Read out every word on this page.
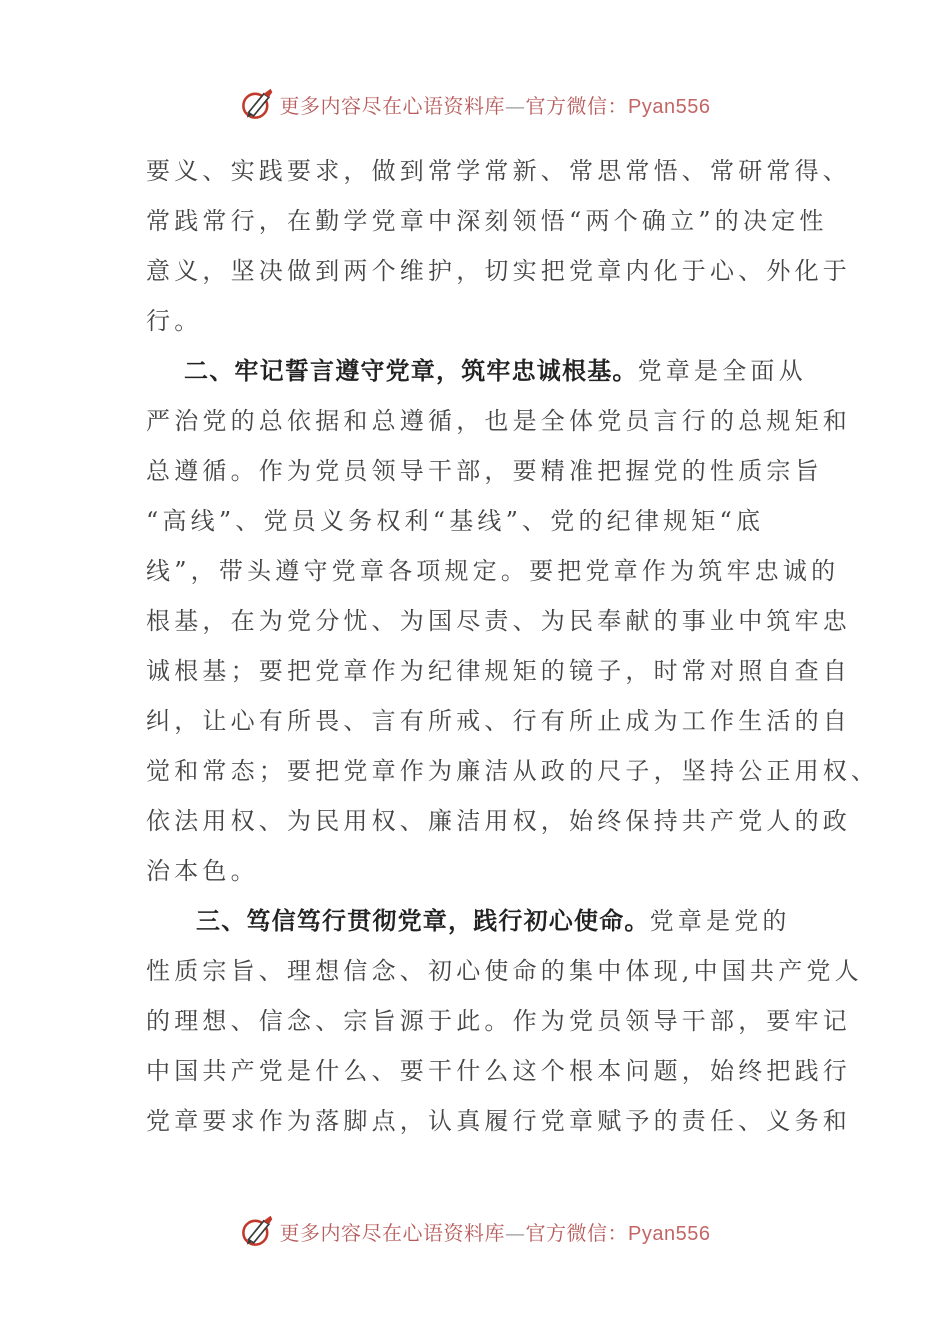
更多内容尽在心语资料库—官方微信：Pyan556
要义、实践要求，做到常学常新、常思常悟、常研常得、
常践常行，在勤学党章中深刻领悟“两个确立”的决定性
意义，坚决做到两个维护，切实把党章内化于心、外化于
行。
二、牢记誓言遵守党章，筑牢忠诚根基。党章是全面从
严治党的总依据和总遵循，也是全体党员言行的总规矩和
总遵循。作为党员领导干部，要精准把握党的性质宗旨
“高线”、党员义务权利“基线”、党的纪律规矩“底
线”，带头遵守党章各项规定。要把党章作为筑牢忠诚的
根基，在为党分忧、为国尽责、为民奉献的事业中筑牢忠
诚根基；要把党章作为纪律规矩的镜子，时常对照自查自
纠，让心有所畏、言有所戒、行有所止成为工作生活的自
觉和常态；要把党章作为廉洁从政的尺子，坚持公正用权、
依法用权、为民用权、廉洁用权，始终保持共产党人的政
治本色。
三、笃信笃行贯彻党章，践行初心使命。党章是党的
性质宗旨、理想信念、初心使命的集中体现,中国共产党人
的理想、信念、宗旨源于此。作为党员领导干部，要牢记
中国共产党是什么、要干什么这个根本问题，始终把践行
党章要求作为落脚点，认真履行党章赋予的责任、义务和
更多内容尽在心语资料库—官方微信：Pyan556
